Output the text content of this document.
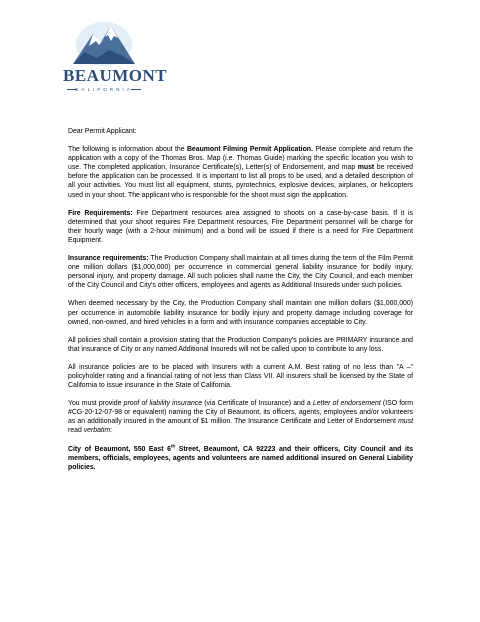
BEAUMONT
CALIFORNIA

Dear Permit Applicant:

The following is information about the Beaumont Filming Permit Application. Please complete and return the application with a copy of the Thomas Bros. Map (i.e. Thomas Guide) marking the specific location you wish to use. The completed application, Insurance Certificate(s), Letter(s) of Endorsement, and map must be received before the application can be processed. It is important to list all props to be used, and a detailed description of all your activities. You must list all equipment, stunts, pyrotechnics, explosive devices, airplanes, or helicopters used in your shoot. The applicant who is responsible for the shoot must sign the application.

Fire Requirements: Fire Department resources area assigned to shoots on a case-by-case basis. If it is determined that your shoot requires Fire Department resources, Fire Department personnel will be charge for their hourly wage (with a 2-hour minimum) and a bond will be issued if there is a need for Fire Department Equipment.

Insurance requirements: The Production Company shall maintain at all times during the term of the Film Permit one million dollars ($1,000,000) per occurrence in commercial general liability insurance for bodily injury, personal injury, and property damage. All such policies shall name the City, the City Council, and each member of the City Council and City's other officers, employees and agents as Additional Insureds under such policies.

When deemed necessary by the City, the Production Company shall maintain one million dollars ($1,000,000) per occurrence in automobile liability insurance for bodily injury and property damage including coverage for owned, non-owned, and hired vehicles in a form and with insurance companies acceptable to City.

All policies shall contain a provision stating that the Production Company's policies are PRIMARY insurance and that insurance of City or any named Additional Insureds will not be called upon to contribute to any loss.

All insurance policies are to be placed with Insurers with a current A.M. Best rating of no less than "A –" policyholder rating and a financial rating of not less than Class VII. All insurers shall be licensed by the State of California to issue insurance in the State of California.

You must provide proof of liability insurance (via Certificate of Insurance) and a Letter of endorsement (ISO form #CG-20-12-07-98 or equivalent) naming the City of Beaumont, its officers, agents, employees and/or volunteers as an additionally insured in the amount of $1 million. The Insurance Certificate and Letter of Endorsement must read verbatim:

City of Beaumont, 550 East 6th Street, Beaumont, CA 92223 and their officers, City Council and its members, officials, employees, agents and volunteers are named additional insured on General Liability policies.
